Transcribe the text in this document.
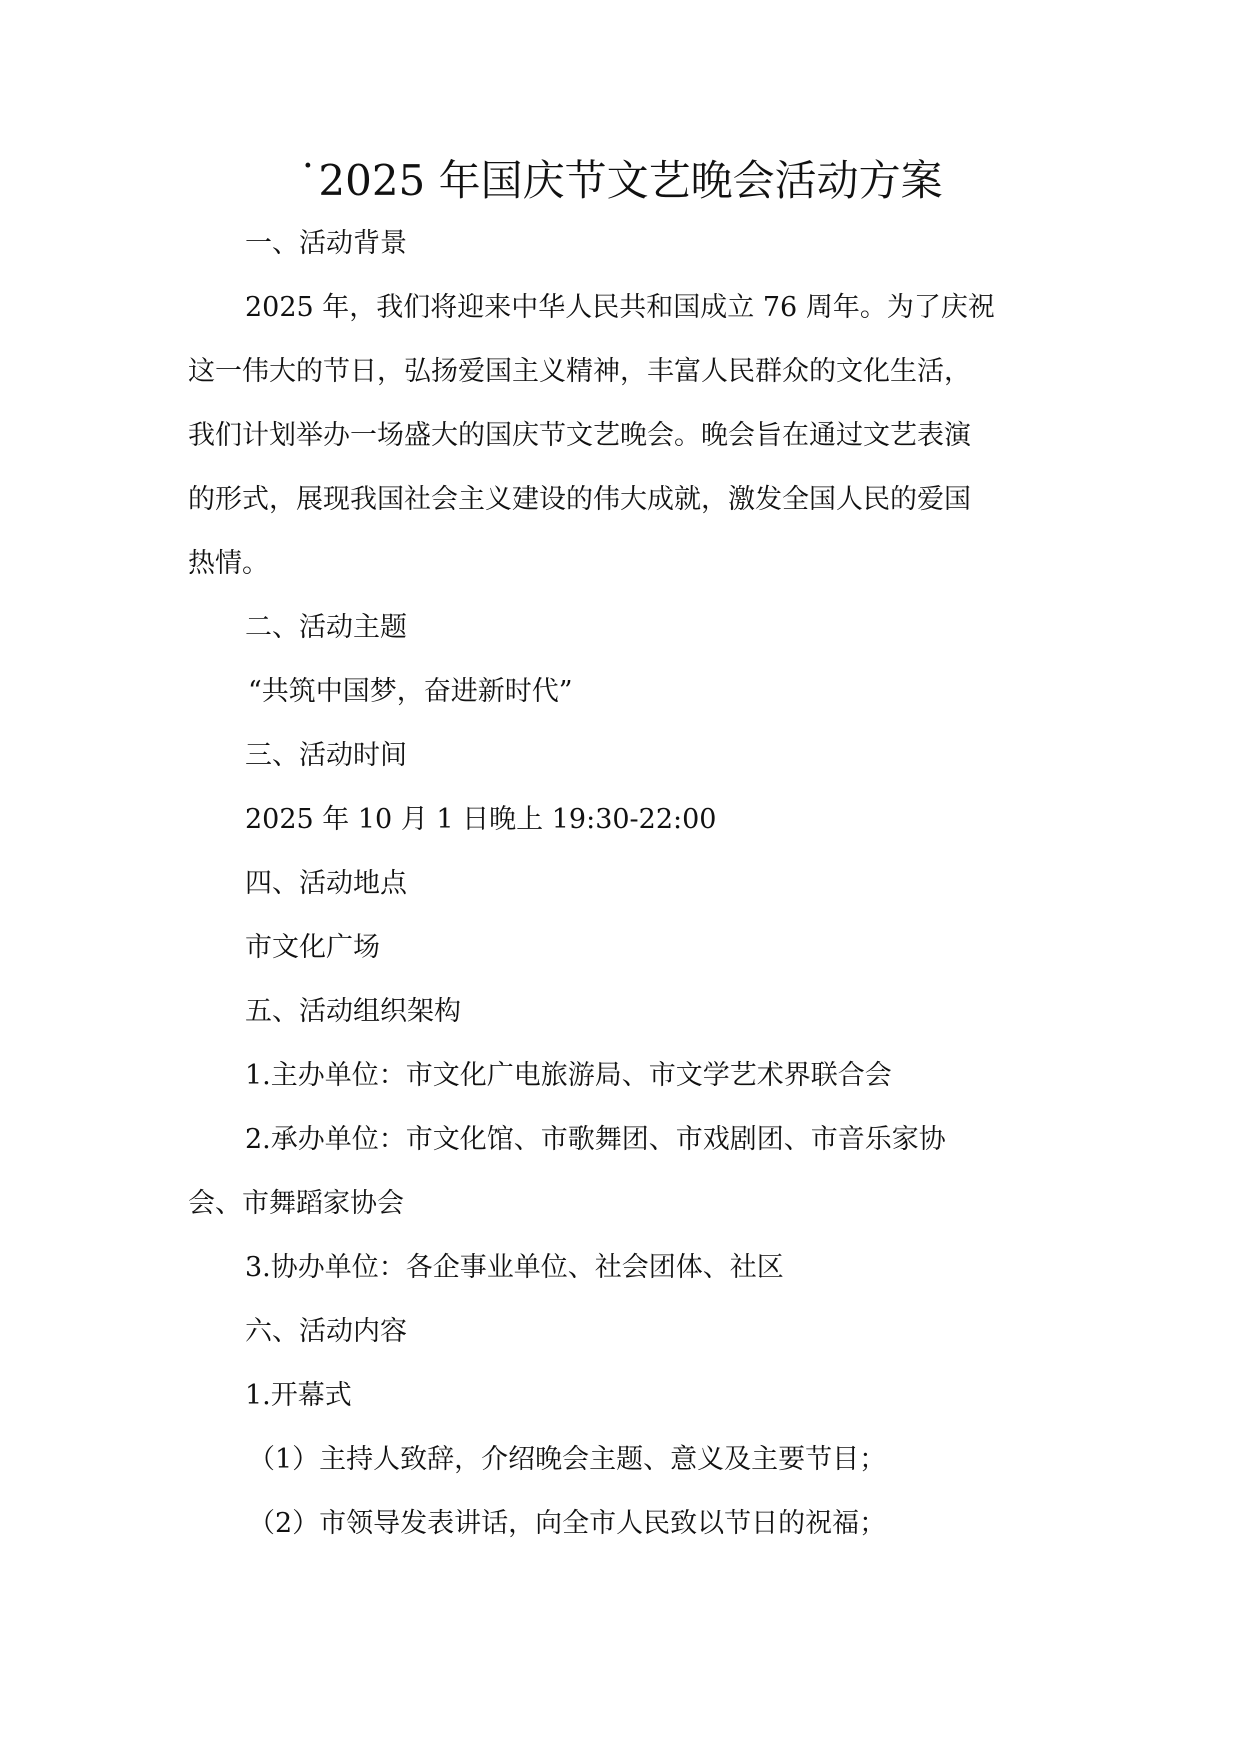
˙2025 年国庆节文艺晚会活动方案

一、活动背景

2025 年，我们将迎来中华人民共和国成立 76 周年。为了庆祝

这一伟大的节日，弘扬爱国主义精神，丰富人民群众的文化生活，

我们计划举办一场盛大的国庆节文艺晚会。晚会旨在通过文艺表演

的形式，展现我国社会主义建设的伟大成就，激发全国人民的爱国

热情。

二、活动主题

“共筑中国梦，奋进新时代”

三、活动时间

2025 年 10 月 1 日晚上 19:30-22:00

四、活动地点

市文化广场

五、活动组织架构

1.主办单位：市文化广电旅游局、市文学艺术界联合会

2.承办单位：市文化馆、市歌舞团、市戏剧团、市音乐家协

会、市舞蹈家协会

3.协办单位：各企事业单位、社会团体、社区

六、活动内容

1.开幕式

（1）主持人致辞，介绍晚会主题、意义及主要节目；

（2）市领导发表讲话，向全市人民致以节日的祝福；
